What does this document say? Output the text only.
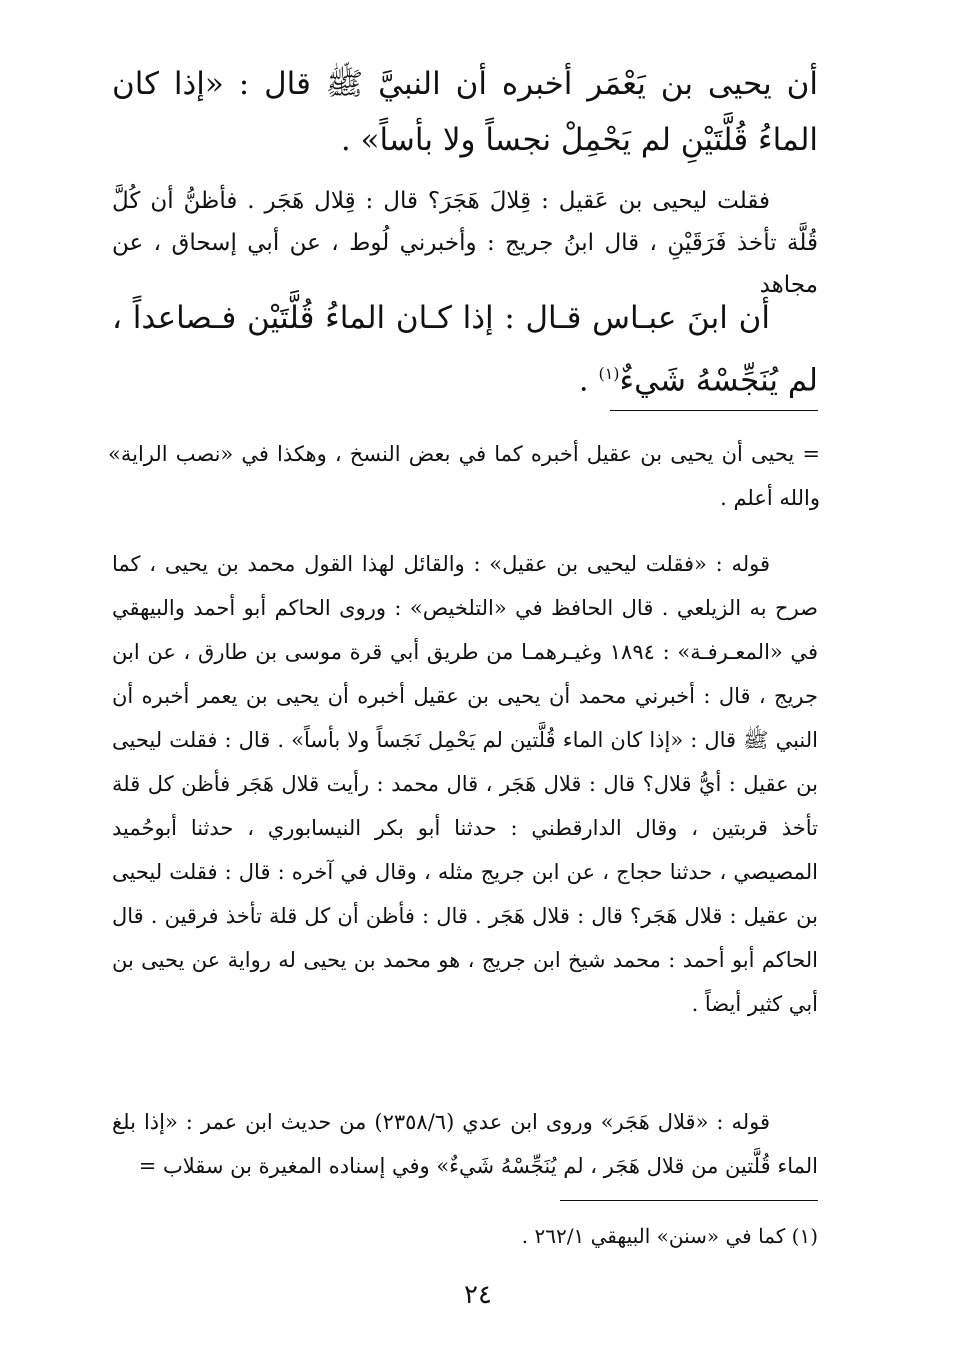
أن يحيى بن يَعْمَر أخبره أن النبيَّ ﷺ قال : «إذا كان الماءُ قُلَّتَيْنِ لم يَحْمِلْ نجساً ولا بأساً» .
فقلت ليحيى بن عَقيل : قِلالَ هَجَرَ؟ قال : قِلال هَجَر . فأظنُّ أن كُلَّ قُلَّة تأخذ فَرَقَيْنِ ، قال ابنُ جريج : وأخبرني لُوط ، عن أبي إسحاق ، عن مجاهد
أن ابنَ عبـاس قـال : إذا كـان الماءُ قُلَّتَيْن فـصاعداً ، لم يُنَجِّسْهُ شَيءٌ$^{(١)}$ .
= يحيى أن يحيى بن عقيل أخبره كما في بعض النسخ ، وهكذا في «نصب الراية» والله أعلم .
قوله : «فقلت ليحيى بن عقيل» : والقائل لهذا القول محمد بن يحيى ، كما صرح به الزيلعي . قال الحافظ في «التلخيص» : وروى الحاكم أبو أحمد والبيهقي في «المعـرفـة» : ١٨٩٤ وغيـرهمـا من طريق أبي قرة موسى بن طارق ، عن ابن جريج ، قال : أخبرني محمد أن يحيى بن عقيل أخبره أن يحيى بن يعمر أخبره أن النبي ﷺ قال : «إذا كان الماء قُلَّتين لم يَحْمِل نَجَساً ولا بأساً» . قال : فقلت ليحيى بن عقيل : أيُّ قلال؟ قال : قلال هَجَر ، قال محمد : رأيت قلال هَجَر فأظن كل قلة تأخذ قربتين ، وقال الدارقطني : حدثنا أبو بكر النيسابوري ، حدثنا أبوحُميد المصيصي ، حدثنا حجاج ، عن ابن جريج مثله ، وقال في آخره : قال : فقلت ليحيى بن عقيل : قلال هَجَر؟ قال : قلال هَجَر . قال : فأظن أن كل قلة تأخذ فرقين . قال الحاكم أبو أحمد : محمد شيخ ابن جريج ، هو محمد بن يحيى له رواية عن يحيى بن أبي كثير أيضاً .
قوله : «قلال هَجَر» وروى ابن عدي (٢٣٥٨/٦) من حديث ابن عمر : «إذا بلغ الماء قُلَّتين من قلال هَجَر ، لم يُنَجِّسْهُ شَيءٌ» وفي إسناده المغيرة بن سقلاب =
(١) كما في «سنن» البيهقي ٢٦٢/١ .
٢٤
